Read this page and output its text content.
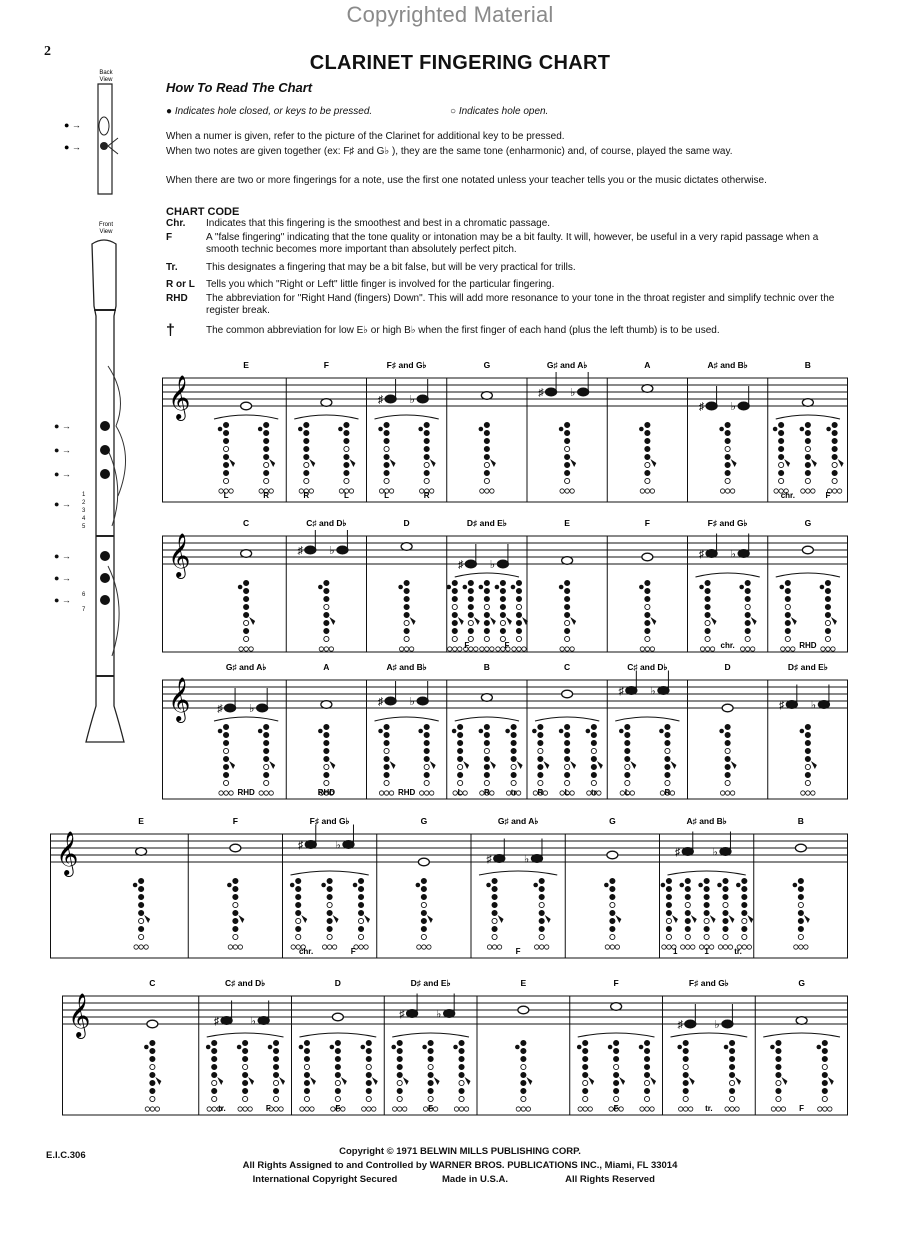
Copyrighted Material
2
CLARINET FINGERING CHART
How To Read The Chart
● Indicates hole closed, or keys to be pressed.	○ Indicates hole open.
When a numer is given, refer to the picture of the Clarinet for additional key to be pressed.
When two notes are given together (ex: F♯ and G♭ ), they are the same tone (enharmonic) and, of course, played the same way.
When there are two or more fingerings for a note, use the first one notated unless your teacher tells you or the music dictates otherwise.
CHART CODE
Chr.	Indicates that this fingering is the smoothest and best in a chromatic passage.
F	A "false fingering" indicating that the tone quality or intonation may be a bit faulty. It will, however, be useful in a very rapid passage when a smooth technic becomes more important than absolutely perfect pitch.
Tr.	This designates a fingering that may be a bit false, but will be very practical for trills.
R or L	Tells you which "Right or Left" little finger is involved for the particular fingering.
RHD	The abbreviation for "Right Hand (fingers) Down". This will add more resonance to your tone in the throat register and simplify technic over the register break.
†	The common abbreviation for low E♭ or high B♭ when the first finger of each hand (plus the left thumb) is to be used.
Back
View
● →
● →
Front
View
● →
● →
● →
● →
● →
● →
● →
1
2
3
4
5
6
7
𝄞
E
L	R
F
R	L
F♯ and G♭
♯ ♭
L	R
G	G♯ and A♭
♯ ♭
A	A♯ and B♭
♯ ♭
B
chr.	F
𝄞
C	C♯ and D♭
♯ ♭
D	D♯ and E♭
♯ ♭
F	F
E	F	F♯ and G♭
♯ ♭
chr.
G
RHD
𝄞
G♯ and A♭
♯ ♭
RHD
A
RHD
A♯ and B♭
♯ ♭
RHD
B
L	R	tr
C
R	L	tr
C♯ and D♭
♯ ♭
L	R
D	D♯ and E♭
♯ ♭
𝄞
E	F	F♯ and G♭
♯	♭
chr.	F
G	G♯ and A♭
♯	♭
F
G	A♯ and B♭
♯	♭
1	1	tr.
B
𝄞
C	C♯ and D♭
♯	♭
tr.	F
D
F
D♯ and E♭
♯	♭
F
E	F
F
F♯ and G♭
♯	♭
tr.
G
F
E.I.C.306	Copyright © 1971 BELWIN MILLS PUBLISHING CORP.
All Rights Assigned to and Controlled by WARNER BROS. PUBLICATIONS INC., Miami, FL 33014
International Copyright Secured	Made in U.S.A.	All Rights Reserved
